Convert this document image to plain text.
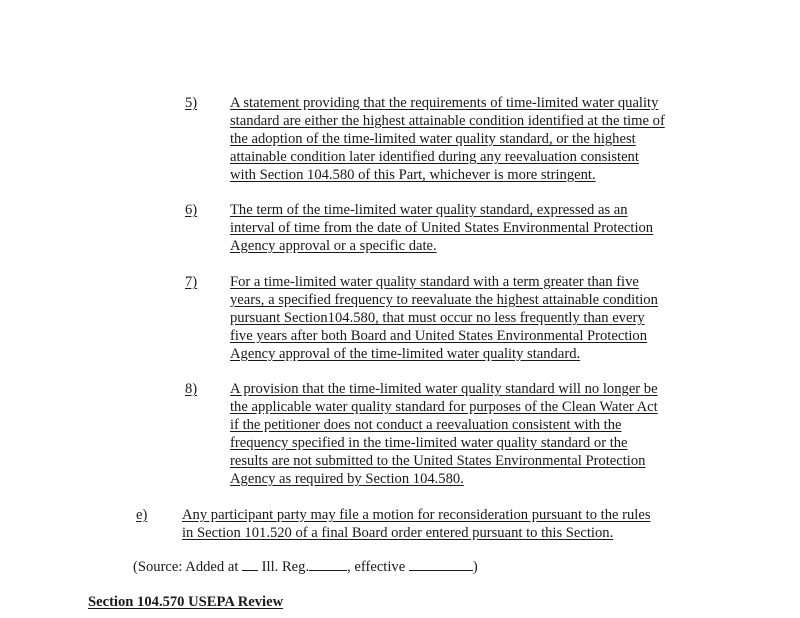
5) A statement providing that the requirements of time-limited water quality
standard are either the highest attainable condition identified at the time of
the adoption of the time-limited water quality standard, or the highest
attainable condition later identified during any reevaluation consistent
with Section 104.580 of this Part, whichever is more stringent.
6) The term of the time-limited water quality standard, expressed as an
interval of time from the date of United States Environmental Protection
Agency approval or a specific date.
7) For a time-limited water quality standard with a term greater than five
years, a specified frequency to reevaluate the highest attainable condition
pursuant Section104.580, that must occur no less frequently than every
five years after both Board and United States Environmental Protection
Agency approval of the time-limited water quality standard.
8) A provision that the time-limited water quality standard will no longer be
the applicable water quality standard for purposes of the Clean Water Act
if the petitioner does not conduct a reevaluation consistent with the
frequency specified in the time-limited water quality standard or the
results are not submitted to the United States Environmental Protection
Agency as required by Section 104.580.
e) Any participant party may file a motion for reconsideration pursuant to the rules
in Section 101.520 of a final Board order entered pursuant to this Section.
(Source: Added at  Ill. Reg.	, effective	)
Section 104.570 USEPA Review
